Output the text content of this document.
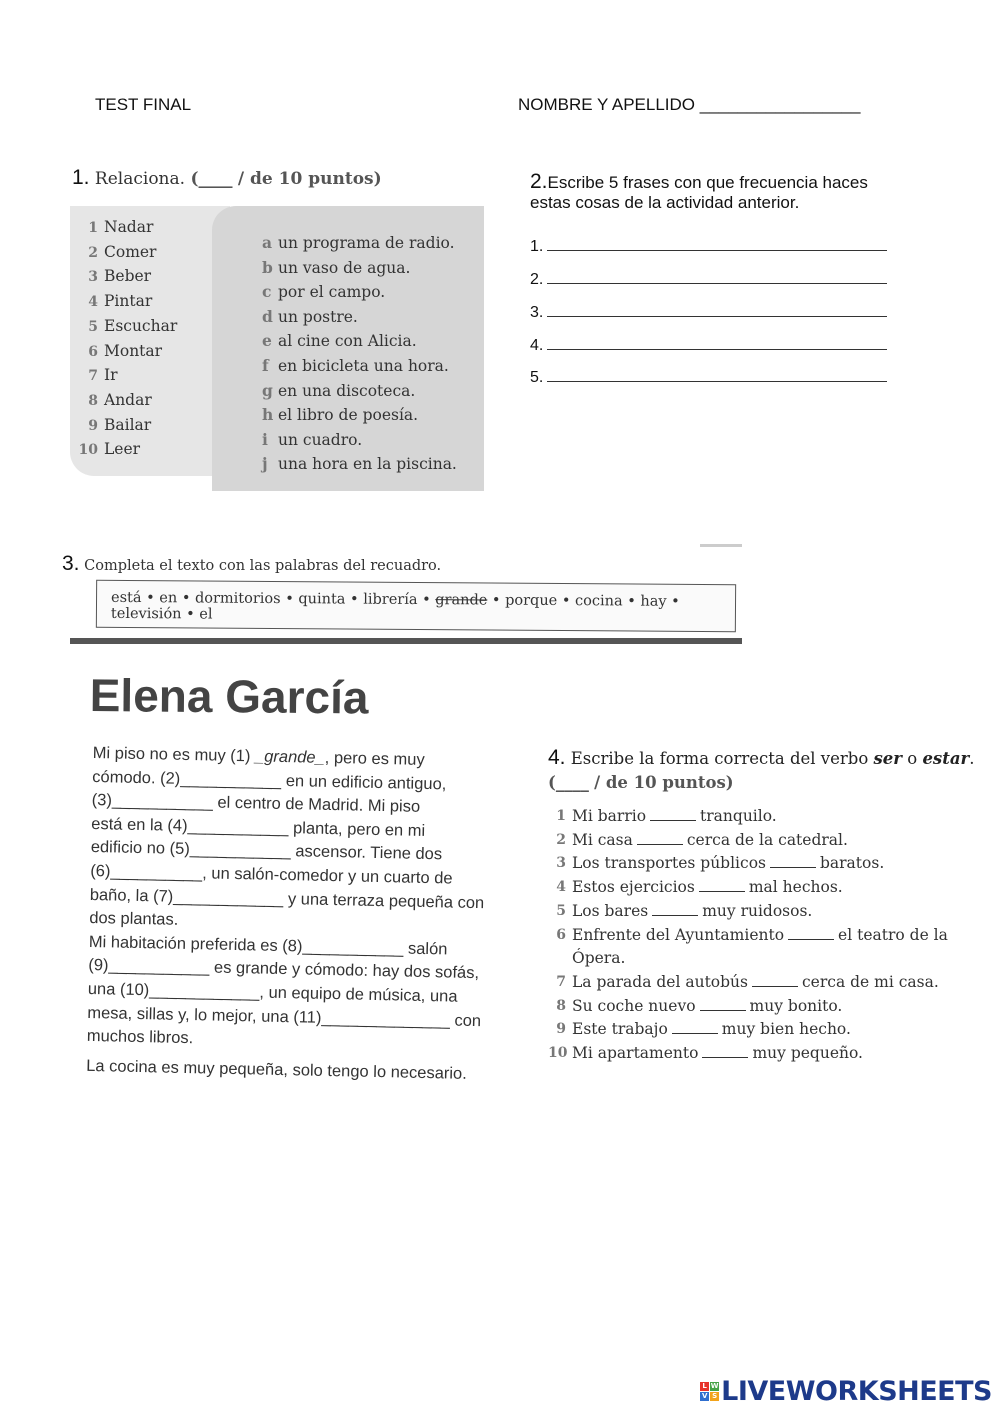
TEST FINAL	NOMBRE Y APELLIDO _________________
1. Relaciona. (____ / de 10 puntos)
1 Nadar
2 Comer
3 Beber
4 Pintar
5 Escuchar
6 Montar
7 Ir
8 Andar
9 Bailar
10 Leer
a un programa de radio.
b un vaso de agua.
c por el campo.
d un postre.
e al cine con Alicia.
f en bicicleta una hora.
g en una discoteca.
h el libro de poesía.
i un cuadro.
j una hora en la piscina.
2.Escribe 5 frases con que frecuencia haces
estas cosas de la actividad anterior.
1.
2.
3.
4.
5.
3. Completa el texto con las palabras del recuadro.
está • en • dormitorios • quinta • librería • grande • porque • cocina • hay • televisión • el
Elena García
Mi piso no es muy (1) _grande_, pero es muy
cómodo. (2)___________ en un edificio antiguo,
(3)___________ el centro de Madrid. Mi piso
está en la (4)___________ planta, pero en mi
edificio no (5)___________ ascensor. Tiene dos
(6)__________, un salón-comedor y un cuarto de
baño, la (7)____________ y una terraza pequeña con
dos plantas.
Mi habitación preferida es (8)___________ salón
(9)___________ es grande y cómodo: hay dos sofás,
una (10)____________, un equipo de música, una
mesa, sillas y, lo mejor, una (11)______________ con
muchos libros.
La cocina es muy pequeña, solo tengo lo necesario.
4. Escribe la forma correcta del verbo ser o estar.
(____ / de 10 puntos)
1 Mi barrio	tranquilo.
2 Mi casa	cerca de la catedral.
3 Los transportes públicos	baratos.
4 Estos ejercicios	mal hechos.
5 Los bares	muy ruidosos.
6 Enfrente del Ayuntamiento	el teatro de la
Ópera.
7 La parada del autobús	cerca de mi casa.
8 Su coche nuevo	muy bonito.
9 Este trabajo	muy bien hecho.
10 Mi apartamento	muy pequeño.
L W
V S LIVEWORKSHEETS
